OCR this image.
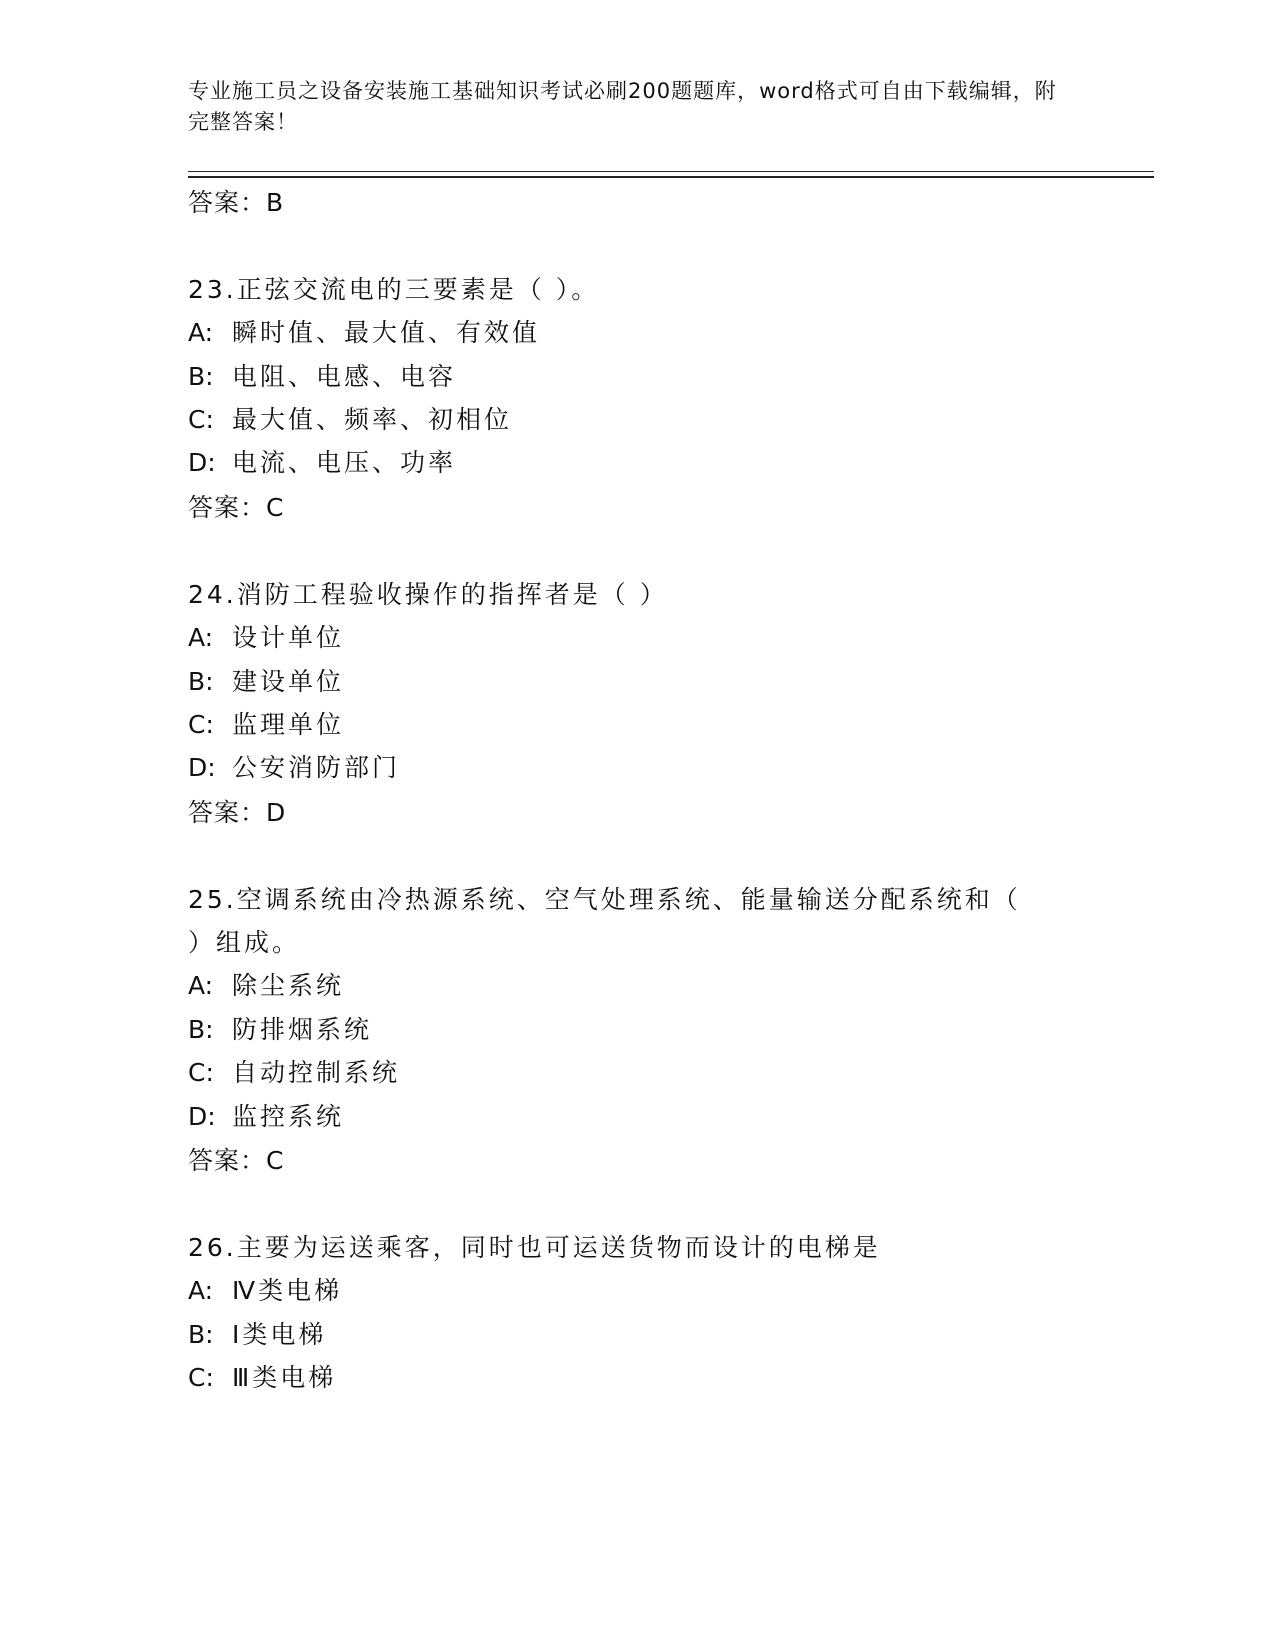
专业施工员之设备安装施工基础知识考试必刷200题题库，word格式可自由下载编辑，附完整答案！
答案：B
23.正弦交流电的三要素是（ ）。
A: 瞬时值、最大值、有效值
B: 电阻、电感、电容
C: 最大值、频率、初相位
D: 电流、电压、功率
答案：C
24.消防工程验收操作的指挥者是（ ）
A: 设计单位
B: 建设单位
C: 监理单位
D: 公安消防部门
答案：D
25.空调系统由冷热源系统、空气处理系统、能量输送分配系统和（
）组成。
A: 除尘系统
B: 防排烟系统
C: 自动控制系统
D: 监控系统
答案：C
26.主要为运送乘客，同时也可运送货物而设计的电梯是
A: Ⅳ类电梯
B: Ⅰ类电梯
C: Ⅲ类电梯
